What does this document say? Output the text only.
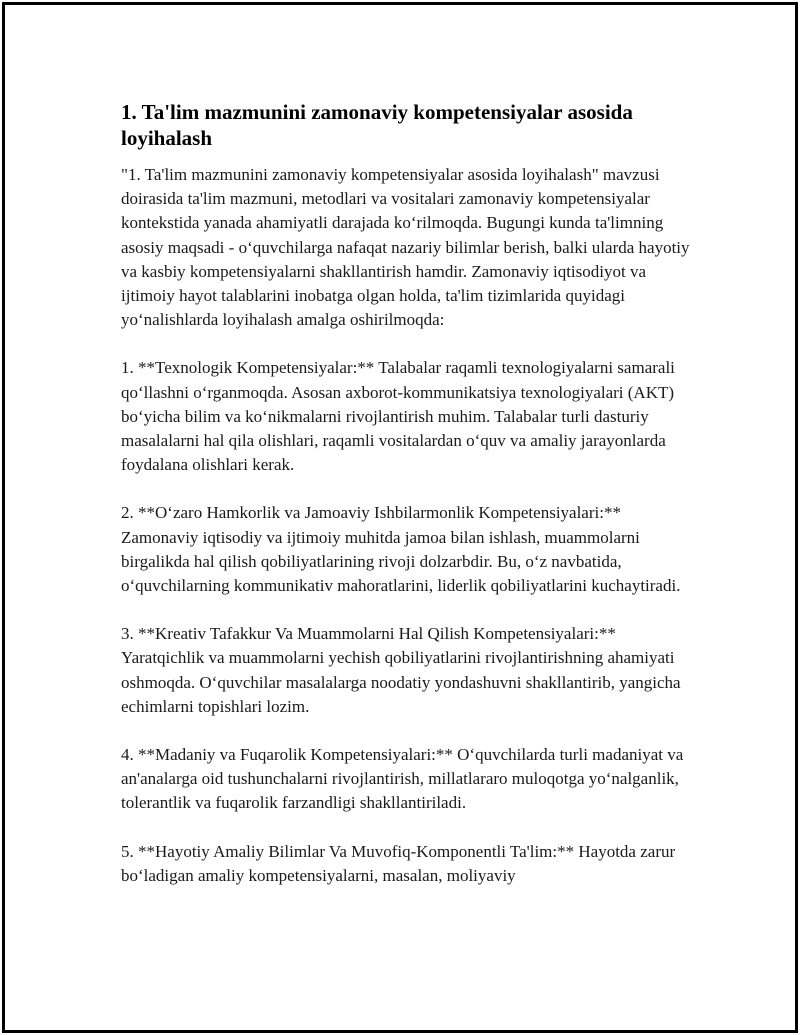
1. Ta'lim mazmunini zamonaviy kompetensiyalar asosida loyihalash

"1. Ta'lim mazmunini zamonaviy kompetensiyalar asosida loyihalash" mavzusi doirasida ta'lim mazmuni, metodlari va vositalari zamonaviy kompetensiyalar kontekstida yanada ahamiyatli darajada ko‘rilmoqda. Bugungi kunda ta'limning asosiy maqsadi - o‘quvchilarga nafaqat nazariy bilimlar berish, balki ularda hayotiy va kasbiy kompetensiyalarni shakllantirish hamdir. Zamonaviy iqtisodiyot va ijtimoiy hayot talablarini inobatga olgan holda, ta'lim tizimlarida quyidagi yo‘nalishlarda loyihalash amalga oshirilmoqda:

1. **Texnologik Kompetensiyalar:** Talabalar raqamli texnologiyalarni samarali qo‘llashni o‘rganmoqda. Asosan axborot-kommunikatsiya texnologiyalari (AKT) bo‘yicha bilim va ko‘nikmalarni rivojlantirish muhim. Talabalar turli dasturiy masalalarni hal qila olishlari, raqamli vositalardan o‘quv va amaliy jarayonlarda foydalana olishlari kerak.

2. **O‘zaro Hamkorlik va Jamoaviy Ishbilarmonlik Kompetensiyalari:** Zamonaviy iqtisodiy va ijtimoiy muhitda jamoa bilan ishlash, muammolarni birgalikda hal qilish qobiliyatlarining rivoji dolzarbdir. Bu, o‘z navbatida, o‘quvchilarning kommunikativ mahoratlarini, liderlik qobiliyatlarini kuchaytiradi.

3. **Kreativ Tafakkur Va Muammolarni Hal Qilish Kompetensiyalari:** Yaratqichlik va muammolarni yechish qobiliyatlarini rivojlantirishning ahamiyati oshmoqda. O‘quvchilar masalalarga noodatiy yondashuvni shakllantirib, yangicha echimlarni topishlari lozim.

4. **Madaniy va Fuqarolik Kompetensiyalari:** O‘quvchilarda turli madaniyat va an'analarga oid tushunchalarni rivojlantirish, millatlararo muloqotga yo‘nalganlik, tolerantlik va fuqarolik farzandligi shakllantiriladi.

5. **Hayotiy Amaliy Bilimlar Va Muvofiq-Komponentli Ta'lim:** Hayotda zarur bo‘ladigan amaliy kompetensiyalarni, masalan, moliyaviy
